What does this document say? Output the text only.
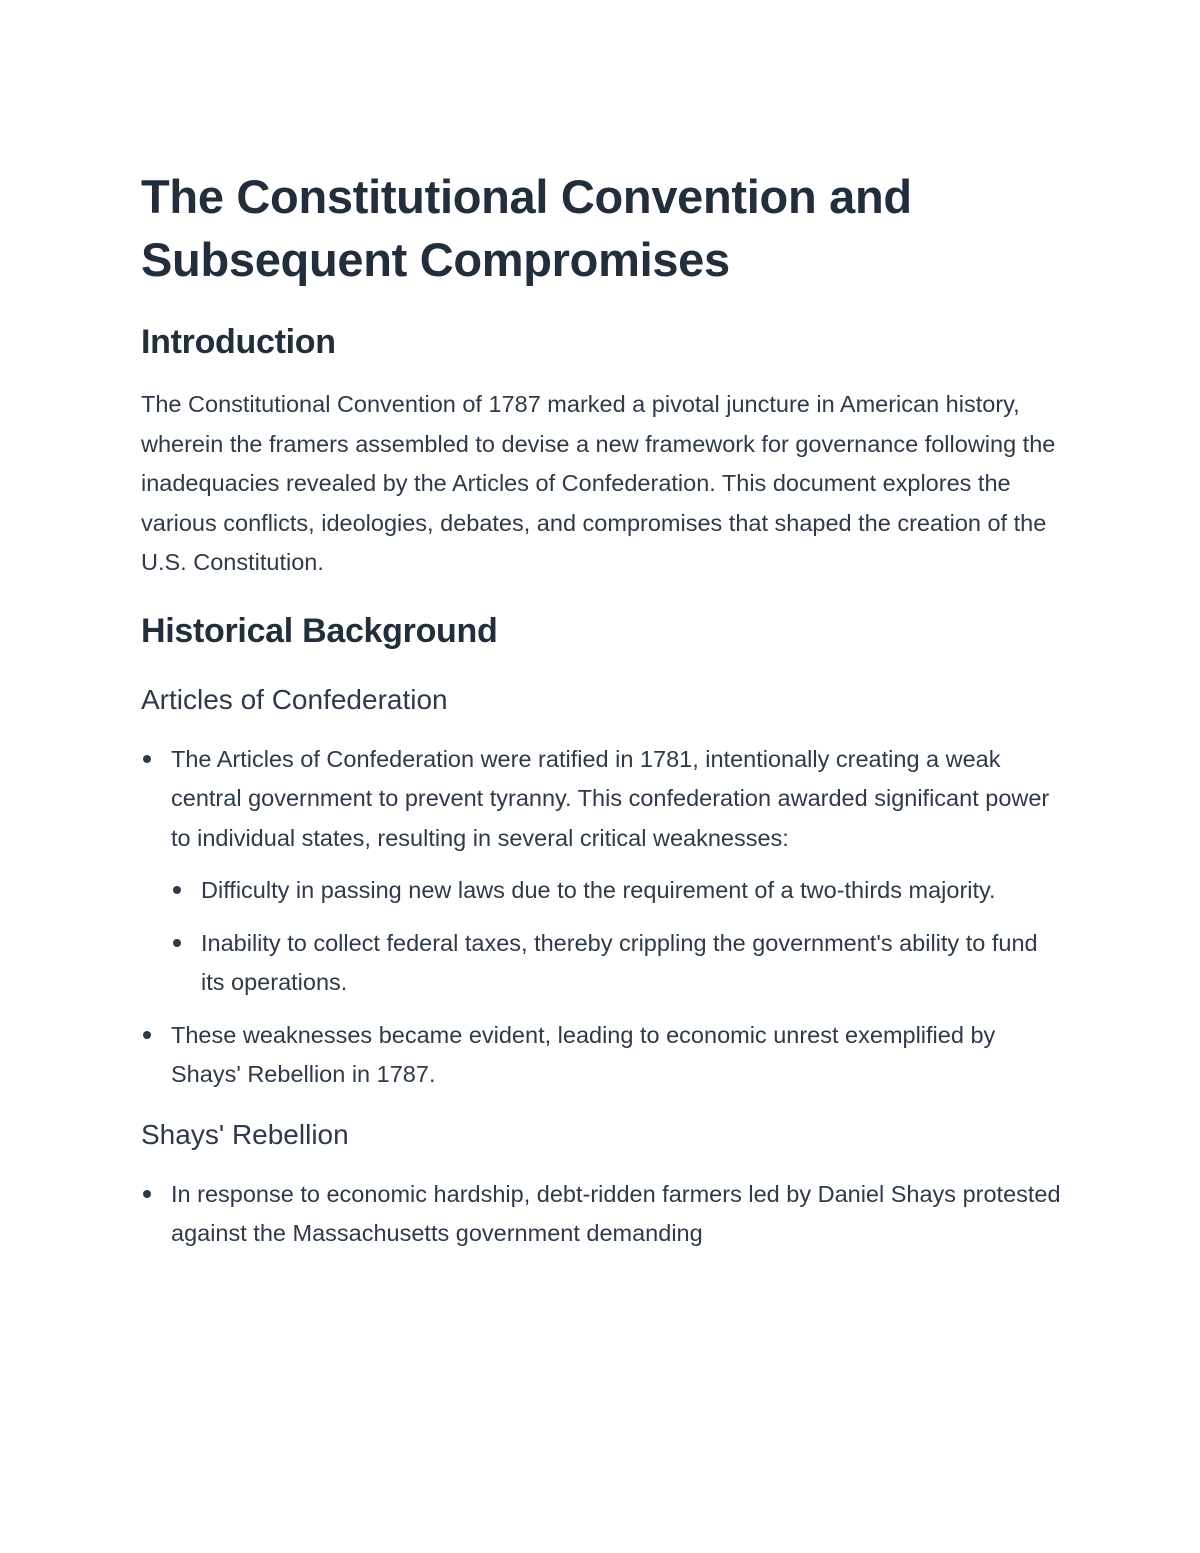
The Constitutional Convention and Subsequent Compromises
Introduction

The Constitutional Convention of 1787 marked a pivotal juncture in American history, wherein the framers assembled to devise a new framework for governance following the inadequacies revealed by the Articles of Confederation. This document explores the various conflicts, ideologies, debates, and compromises that shaped the creation of the U.S. Constitution.

Historical Background
Articles of Confederation
The Articles of Confederation were ratified in 1781, intentionally creating a weak central government to prevent tyranny. This confederation awarded significant power to individual states, resulting in several critical weaknesses:
Difficulty in passing new laws due to the requirement of a two-thirds majority.
Inability to collect federal taxes, thereby crippling the government's ability to fund its operations.
These weaknesses became evident, leading to economic unrest exemplified by Shays' Rebellion in 1787.
Shays' Rebellion
In response to economic hardship, debt-ridden farmers led by Daniel Shays protested against the Massachusetts government demanding
